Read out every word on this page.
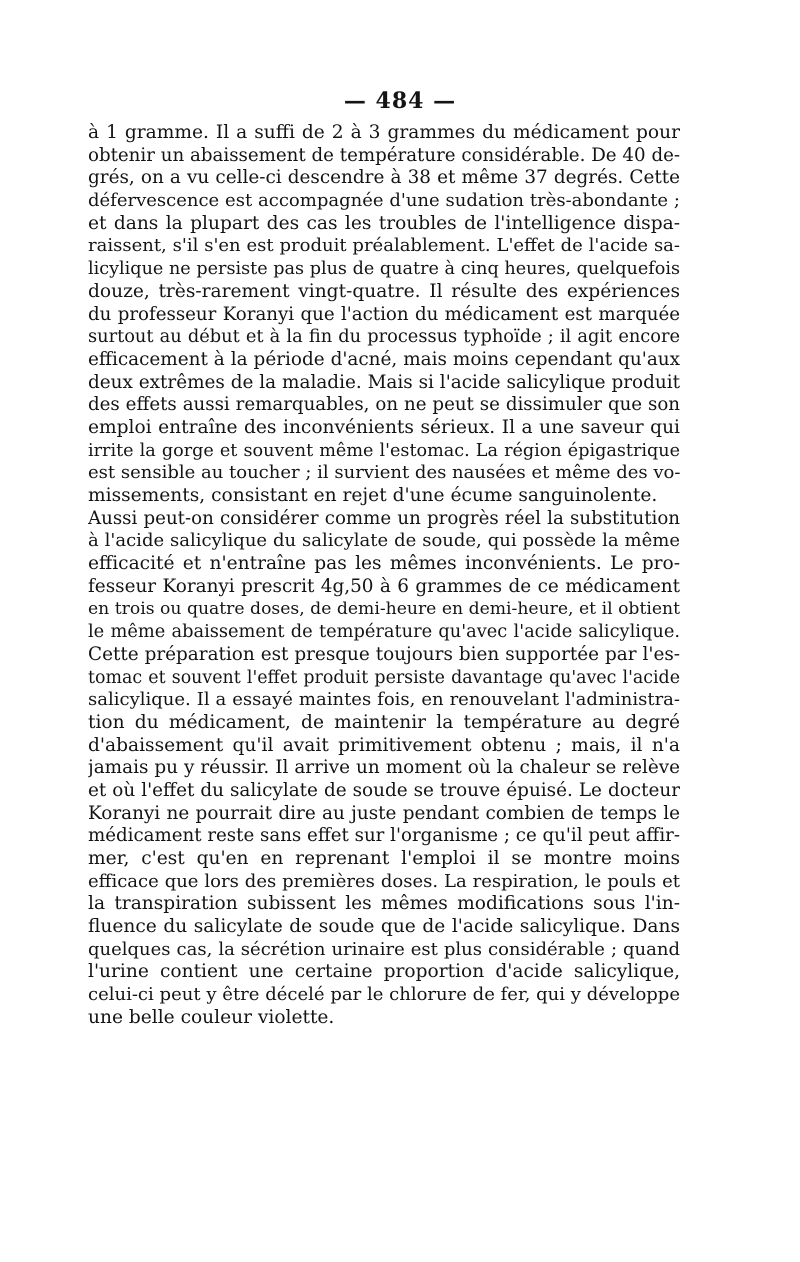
— 484 —
à 1 gramme. Il a suffi de 2 à 3 grammes du médicament pour
obtenir un abaissement de température considérable. De 40 de-
grés, on a vu celle-ci descendre à 38 et même 37 degrés. Cette
défervescence est accompagnée d'une sudation très-abondante ;
et dans la plupart des cas les troubles de l'intelligence dispa-
raissent, s'il s'en est produit préalablement. L'effet de l'acide sa-
licylique ne persiste pas plus de quatre à cinq heures, quelquefois
douze, très-rarement vingt-quatre. Il résulte des expériences
du professeur Koranyi que l'action du médicament est marquée
surtout au début et à la fin du processus typhoïde ; il agit encore
efficacement à la période d'acné, mais moins cependant qu'aux
deux extrêmes de la maladie. Mais si l'acide salicylique produit
des effets aussi remarquables, on ne peut se dissimuler que son
emploi entraîne des inconvénients sérieux. Il a une saveur qui
irrite la gorge et souvent même l'estomac. La région épigastrique
est sensible au toucher ; il survient des nausées et même des vo-
missements, consistant en rejet d'une écume sanguinolente.
Aussi peut-on considérer comme un progrès réel la substitution
à l'acide salicylique du salicylate de soude, qui possède la même
efficacité et n'entraîne pas les mêmes inconvénients. Le pro-
fesseur Koranyi prescrit 4g,50 à 6 grammes de ce médicament
en trois ou quatre doses, de demi-heure en demi-heure, et il obtient
le même abaissement de température qu'avec l'acide salicylique.
Cette préparation est presque toujours bien supportée par l'es-
tomac et souvent l'effet produit persiste davantage qu'avec l'acide
salicylique. Il a essayé maintes fois, en renouvelant l'administra-
tion du médicament, de maintenir la température au degré
d'abaissement qu'il avait primitivement obtenu ; mais, il n'a
jamais pu y réussir. Il arrive un moment où la chaleur se relève
et où l'effet du salicylate de soude se trouve épuisé. Le docteur
Koranyi ne pourrait dire au juste pendant combien de temps le
médicament reste sans effet sur l'organisme ; ce qu'il peut affir-
mer, c'est qu'en en reprenant l'emploi il se montre moins
efficace que lors des premières doses. La respiration, le pouls et
la transpiration subissent les mêmes modifications sous l'in-
fluence du salicylate de soude que de l'acide salicylique. Dans
quelques cas, la sécrétion urinaire est plus considérable ; quand
l'urine contient une certaine proportion d'acide salicylique,
celui-ci peut y être décelé par le chlorure de fer, qui y développe
une belle couleur violette.
